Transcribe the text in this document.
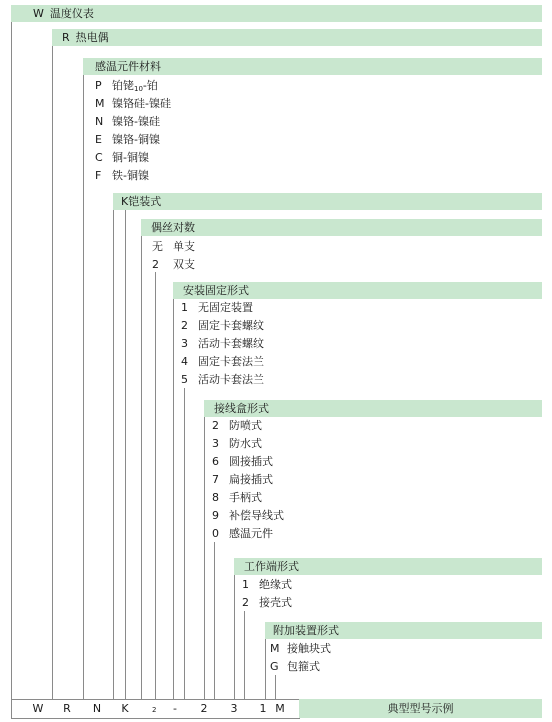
W 温度仪表
R 热电偶
感温元件材料
P 铂铑10-铂
M 镍铬硅-镍硅
N 镍铬-镍硅
E 镍铬-铜镍
C 铜-铜镍
F 铁-铜镍
K铠装式
偶丝对数
无 单支
2 双支
安装固定形式
1 无固定装置
2 固定卡套螺纹
3 活动卡套螺纹
4 固定卡套法兰
5 活动卡套法兰
接线盒形式
2 防喷式
3 防水式
6 圆接插式
7 扁接插式
8 手柄式
9 补偿导线式
0 感温元件
工作端形式
1 绝缘式
2 接壳式
附加装置形式
M 接触块式
G 包箍式
W	R	N	K	2	-	2	3	1 M	典型型号示例
